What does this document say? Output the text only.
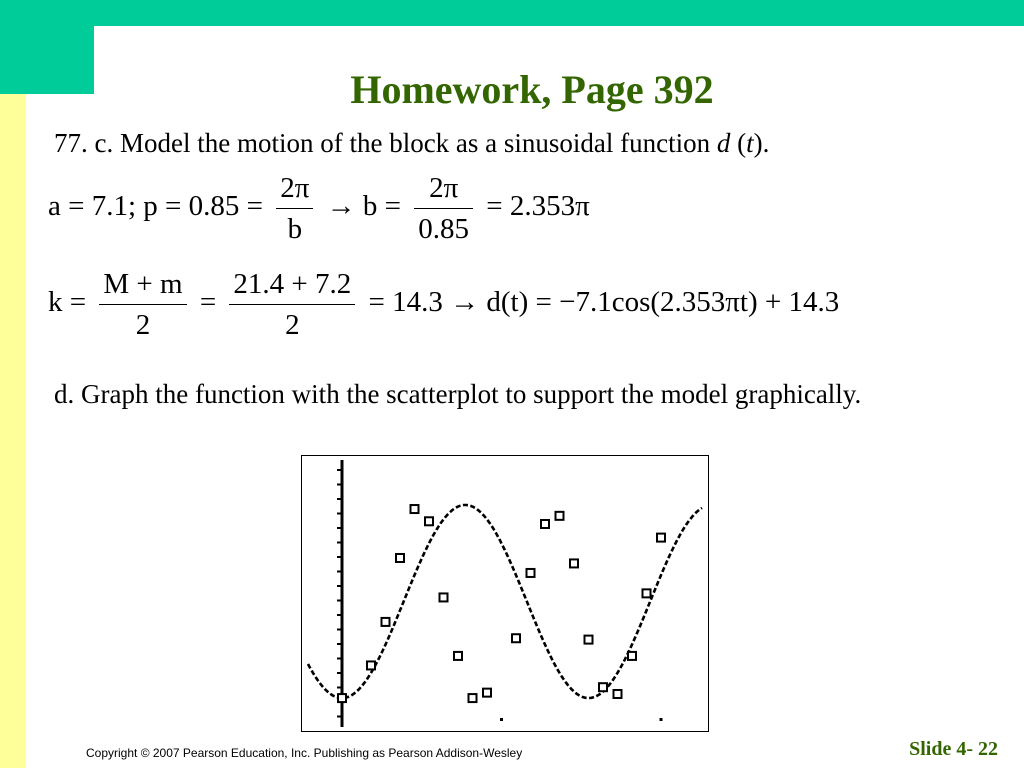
Homework, Page 392
77. c. Model the motion of the block as a sinusoidal function d (t).
a = 7.1; $p = 0.85 = \frac{2\pi}{b} \to b = \frac{2\pi}{0.85} = 2.353\pi$
$k = \frac{M + m}{2} = \frac{21.4 + 7.2}{2} = 14.3 \to d(t) = -7.1\cos(2.353\pi t) + 14.3$
d. Graph the function with the scatterplot to support the model graphically.
Copyright © 2007 Pearson Education, Inc. Publishing as Pearson Addison-Wesley	Slide 4- 22
